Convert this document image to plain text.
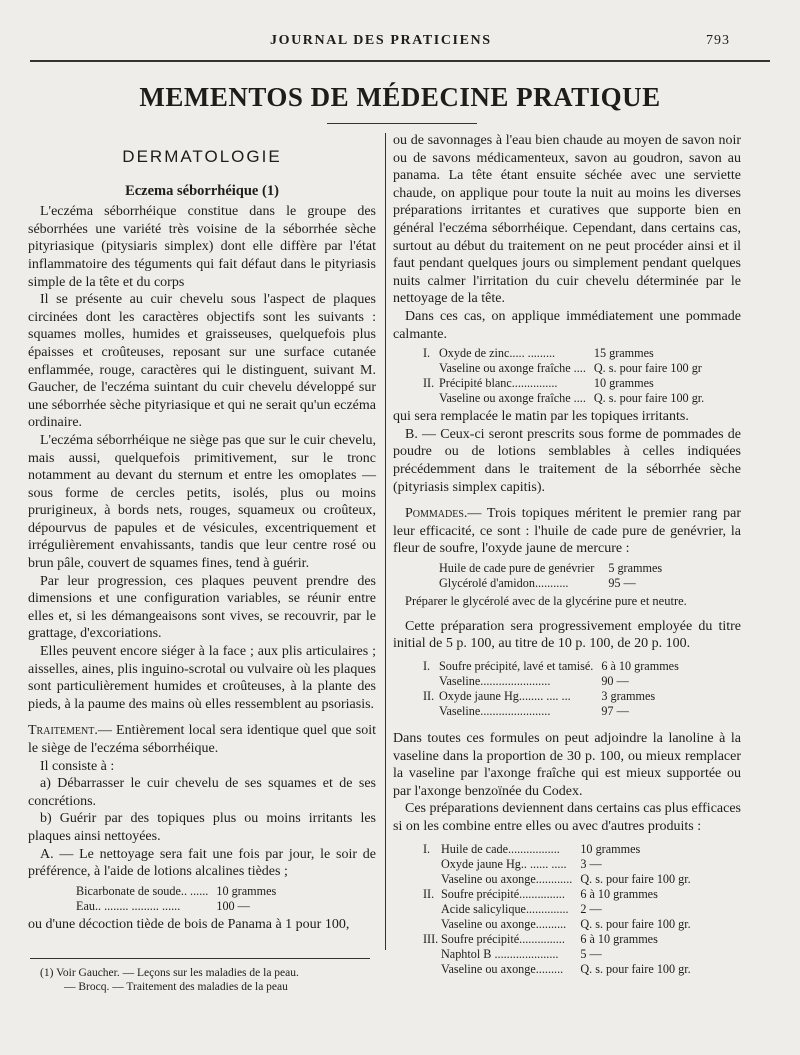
JOURNAL DES PRATICIENS	793
MEMENTOS DE MÉDECINE PRATIQUE
DERMATOLOGIE
Eczema séborrhéique (1)

L'eczéma séborrhéique constitue dans le groupe des séborrhées une variété très voisine de la séborrhée sèche pityriasique (pitysiaris simplex) dont elle diffère par l'état inflammatoire des téguments qui fait défaut dans le pityriasis simple de la tête et du corps

Il se présente au cuir chevelu sous l'aspect de plaques circinées dont les caractères objectifs sont les suivants : squames molles, humides et graisseuses, quelquefois plus épaisses et croûteuses, reposant sur une surface cutanée enflammée, rouge, caractères qui le distinguent, suivant M. Gaucher, de l'eczéma suintant du cuir chevelu développé sur une séborrhée sèche pityriasique et qui ne serait qu'un eczéma ordinaire.

L'eczéma séborrhéique ne siège pas que sur le cuir chevelu, mais aussi, quelquefois primitivement, sur le tronc notamment au devant du sternum et entre les omoplates — sous forme de cercles petits, isolés, plus ou moins prurigineux, à bords nets, rouges, squameux ou croûteux, dépourvus de papules et de vésicules, excentriquement et irrégulièrement envahissants, tandis que leur centre rosé ou brun pâle, couvert de squames fines, tend à guérir.

Par leur progression, ces plaques peuvent prendre des dimensions et une configuration variables, se réunir entre elles et, si les démangeaisons sont vives, se recouvrir, par le grattage, d'excoriations.

Elles peuvent encore siéger à la face ; aux plis articulaires ; aisselles, aines, plis inguino-scrotal ou vulvaire où les plaques sont particulièrement humides et croûteuses, à la plante des pieds, à la paume des mains où elles ressemblent au psoriasis.

Traitement.— Entièrement local sera identique quel que soit le siège de l'eczéma séborrhéique.

Il consiste à :

a) Débarrasser le cuir chevelu de ses squames et de ses concrétions.

b) Guérir par des topiques plus ou moins irritants les plaques ainsi nettoyées.

A. — Le nettoyage sera fait une fois par jour, le soir de préférence, à l'aide de lotions alcalines tièdes ;

Bicarbonate de soude.. ......	10 grammes
Eau.. ........ ......... ......	100 —

ou d'une décoction tiède de bois de Panama à 1 pour 100,

(1) Voir Gaucher. — Leçons sur les maladies de la peau.
— Brocq. — Traitement des maladies de la peau

ou de savonnages à l'eau bien chaude au moyen de savon noir ou de savons médicamenteux, savon au goudron, savon au panama. La tête étant ensuite séchée avec une serviette chaude, on applique pour toute la nuit au moins les diverses préparations irritantes et curatives que supporte bien en général l'eczéma séborrhéique. Cependant, dans certains cas, surtout au début du traitement on ne peut procéder ainsi et il faut pendant quelques jours ou simplement pendant quelques nuits calmer l'irritation du cuir chevelu déterminée par le nettoyage de la tête.

Dans ces cas, on applique immédiatement une pommade calmante.

I.	Oxyde de zinc..... .........	15 grammes
	Vaseline ou axonge fraîche ....	Q. s. pour faire 100 gr
II.	Précipité blanc...............	10 grammes
	Vaseline ou axonge fraîche ....	Q. s. pour faire 100 gr.

qui sera remplacée le matin par les topiques irritants.

B. — Ceux-ci seront prescrits sous forme de pommades de poudre ou de lotions semblables à celles indiquées précédemment dans le traitement de la séborrhée sèche (pityriasis simplex capitis).

Pommades.— Trois topiques méritent le premier rang par leur efficacité, ce sont : l'huile de cade pure de genévrier, la fleur de soufre, l'oxyde jaune de mercure :

Huile de cade pure de genévrier	5 grammes
Glycérolé d'amidon...........	95 —

Préparer le glycérolé avec de la glycérine pure et neutre.

Cette préparation sera progressivement employée du titre initial de 5 p. 100, au titre de 10 p. 100, de 20 p. 100.

I.	Soufre précipité, lavé et tamisé.	6 à 10 grammes
	Vaseline.......................	90 —
II.	Oxyde jaune Hg........ .... ...	3 grammes
	Vaseline.......................	97 —

Dans toutes ces formules on peut adjoindre la lanoline à la vaseline dans la proportion de 30 p. 100, ou mieux remplacer la vaseline par l'axonge fraîche qui est mieux supportée ou par l'axonge benzoïnée du Codex.

Ces préparations deviennent dans certains cas plus efficaces si on les combine entre elles ou avec d'autres produits :

I.	Huile de cade.................	10 grammes
	Oxyde jaune Hg.. ...... .....	3 —
	Vaseline ou axonge............	Q. s. pour faire 100 gr.
II.	Soufre précipité...............	6 à 10 grammes
	Acide salicylique..............	2 —
	Vaseline ou axonge..........	Q. s. pour faire 100 gr.
III.	Soufre précipité...............	6 à 10 grammes
	Naphtol B .....................	5 —
	Vaseline ou axonge.........	Q. s. pour faire 100 gr.
